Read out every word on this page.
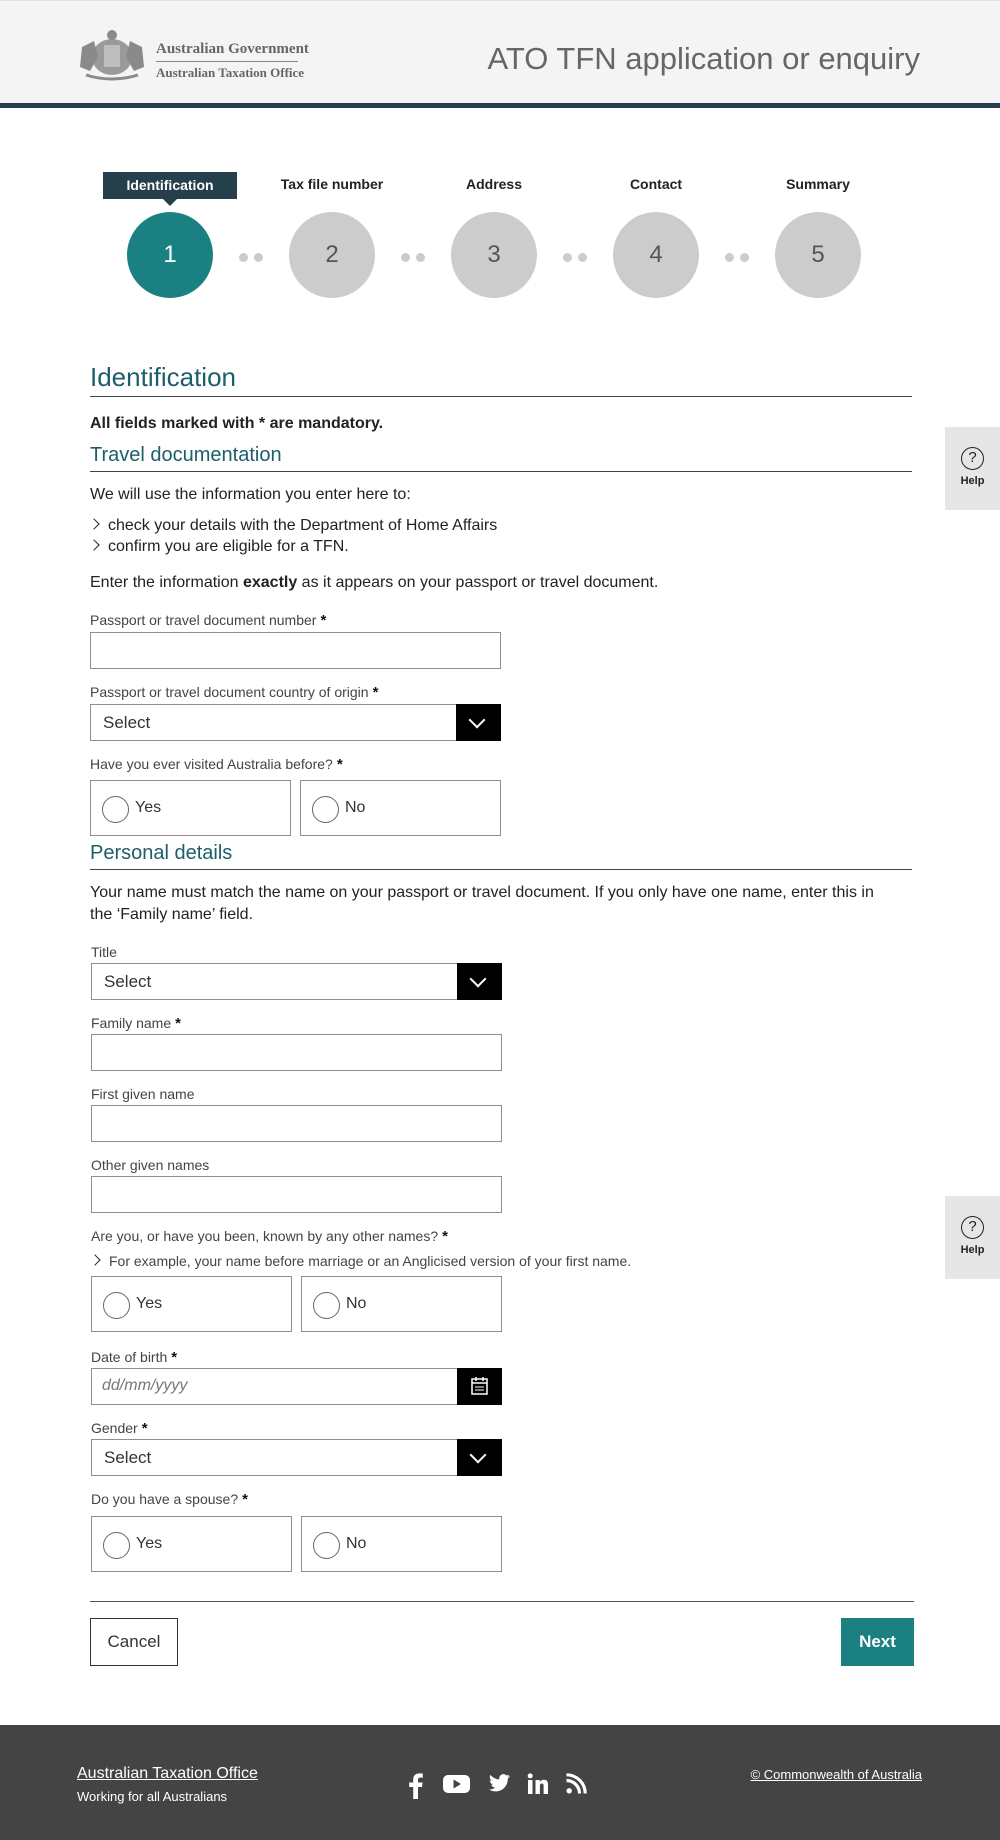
Australian Government
Australian Taxation Office	ATO TFN application or enquiry
Identification	Tax file number	Address	Contact	Summary
1	2	3	4	5
Identification
All fields marked with * are mandatory.
Travel documentation
We will use the information you enter here to:
check your details with the Department of Home Affairs
confirm you are eligible for a TFN.
Enter the information exactly as it appears on your passport or travel document.
Passport or travel document number *
Passport or travel document country of origin *
Select
Have you ever visited Australia before? *
Yes	No
?
Help
Personal details
Your name must match the name on your passport or travel document. If you only have one name, enter this in the ‘Family name’ field.
Title
Select
Family name *
First given name
Other given names
Are you, or have you been, known by any other names? *
For example, your name before marriage or an Anglicised version of your first name.
Yes	No
Date of birth *
dd/mm/yyyy
Gender *
Select
Do you have a spouse? *
Yes	No
?
Help
Cancel	Next
Australian Taxation Office
Working for all Australians
© Commonwealth of Australia
